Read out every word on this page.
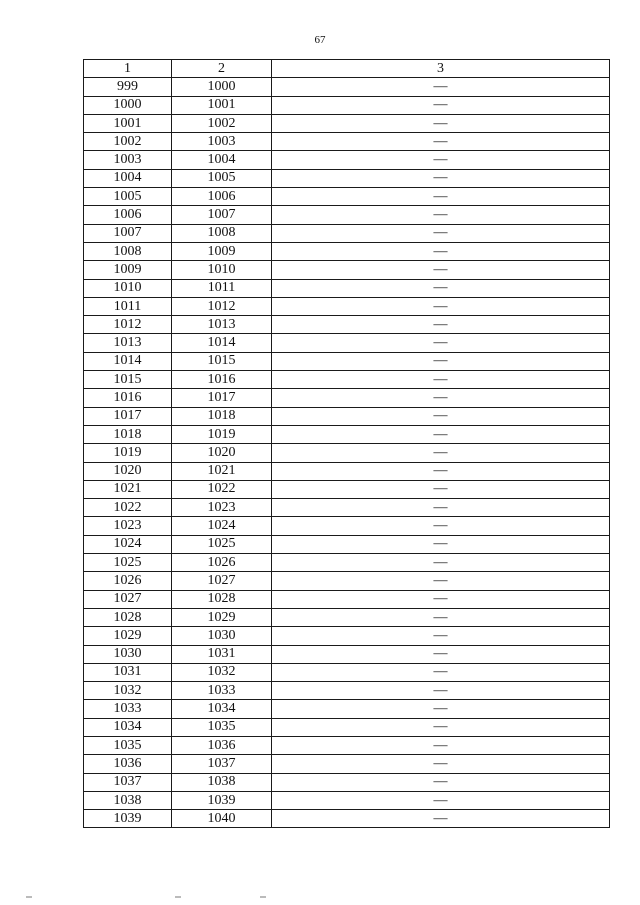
67
1	2	3
999	1000	—
1000	1001	—
1001	1002	—
1002	1003	—
1003	1004	—
1004	1005	—
1005	1006	—
1006	1007	—
1007	1008	—
1008	1009	—
1009	1010	—
1010	1011	—
1011	1012	—
1012	1013	—
1013	1014	—
1014	1015	—
1015	1016	—
1016	1017	—
1017	1018	—
1018	1019	—
1019	1020	—
1020	1021	—
1021	1022	—
1022	1023	—
1023	1024	—
1024	1025	—
1025	1026	—
1026	1027	—
1027	1028	—
1028	1029	—
1029	1030	—
1030	1031	—
1031	1032	—
1032	1033	—
1033	1034	—
1034	1035	—
1035	1036	—
1036	1037	—
1037	1038	—
1038	1039	—
1039	1040	—
